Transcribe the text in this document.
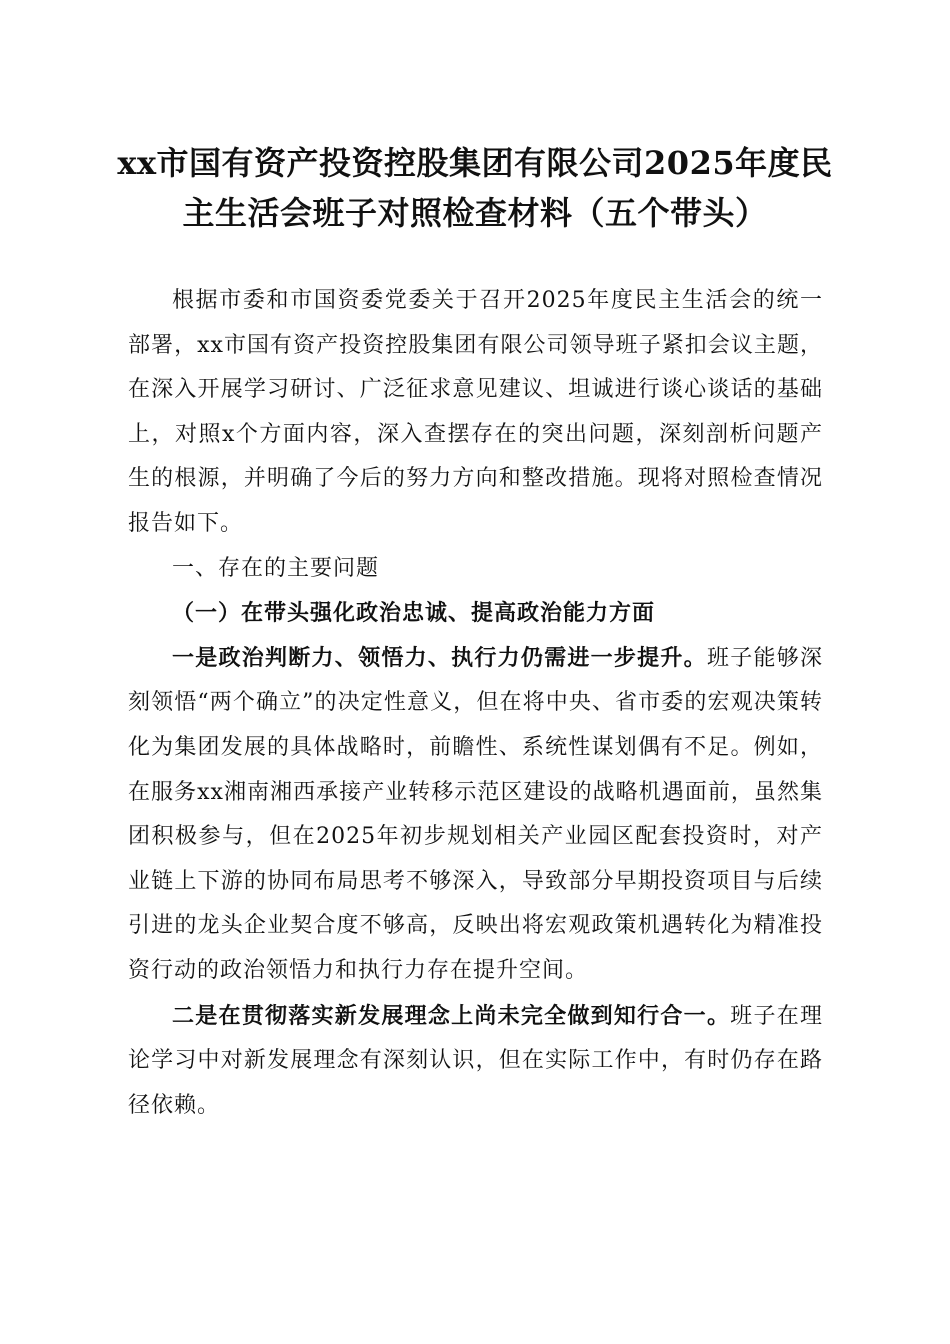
xx市国有资产投资控股集团有限公司2025年度民主生活会班子对照检查材料（五个带头）

根据市委和市国资委党委关于召开2025年度民主生活会的统一部署，xx市国有资产投资控股集团有限公司领导班子紧扣会议主题，在深入开展学习研讨、广泛征求意见建议、坦诚进行谈心谈话的基础上，对照x个方面内容，深入查摆存在的突出问题，深刻剖析问题产生的根源，并明确了今后的努力方向和整改措施。现将对照检查情况报告如下。

一、存在的主要问题

（一）在带头强化政治忠诚、提高政治能力方面

一是政治判断力、领悟力、执行力仍需进一步提升。班子能够深刻领悟“两个确立”的决定性意义，但在将中央、省市委的宏观决策转化为集团发展的具体战略时，前瞻性、系统性谋划偶有不足。例如，在服务xx湘南湘西承接产业转移示范区建设的战略机遇面前，虽然集团积极参与，但在2025年初步规划相关产业园区配套投资时，对产业链上下游的协同布局思考不够深入，导致部分早期投资项目与后续引进的龙头企业契合度不够高，反映出将宏观政策机遇转化为精准投资行动的政治领悟力和执行力存在提升空间。

二是在贯彻落实新发展理念上尚未完全做到知行合一。班子在理论学习中对新发展理念有深刻认识，但在实际工作中，有时仍存在路径依赖。
